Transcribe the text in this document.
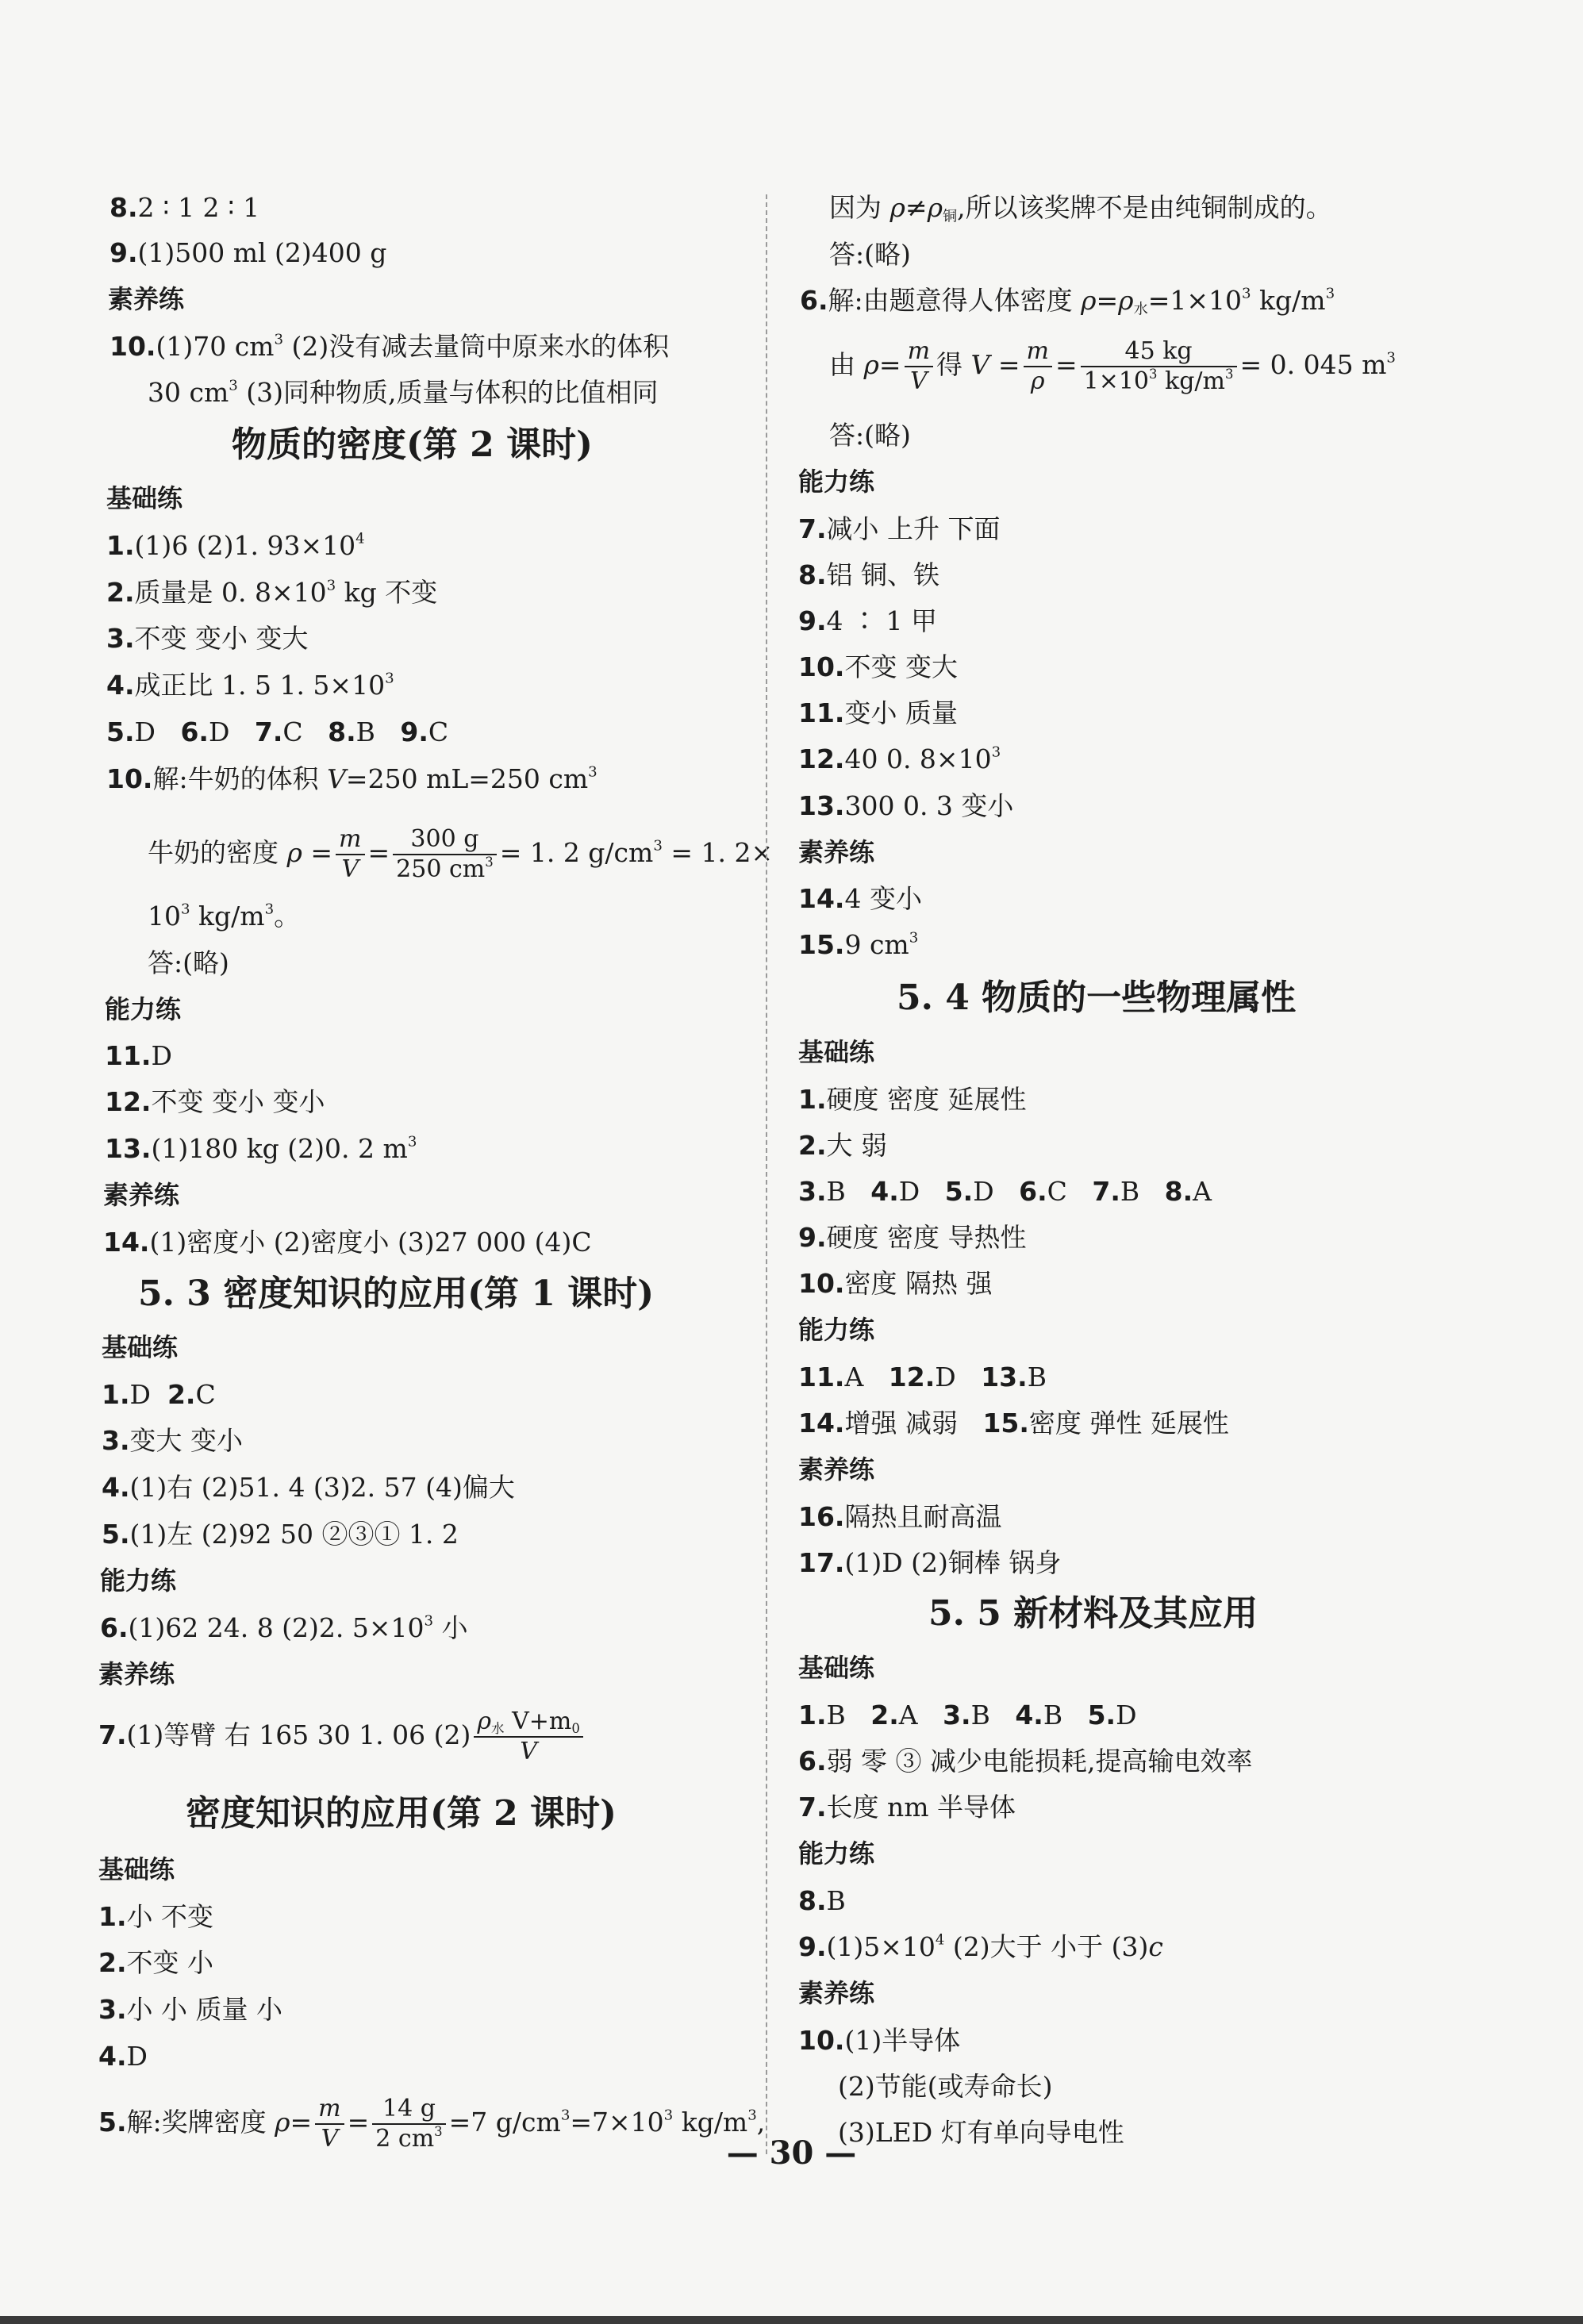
8.2 ∶ 1 2 ∶ 1
9.(1)500 ml (2)400 g
素养练
10.(1)70 $cm^3$ (2)没有减去量筒中原来水的体积
30 $cm^3$ (3)同种物质,质量与体积的比值相同
物质的密度(第 2 课时)
基础练
1.(1)6 (2)1. $93\times 10^4$
2.质量是 0. $8\times 10^3$ kg 不变
3.不变 变小 变大
4.成正比 1. 5 1. $5\times 10^3$
5.D 6.D 7.C 8.B 9.C
10.解:牛奶的体积 V=250 mL=250 $cm^3$
牛奶的密度 $\rho = \frac{m}{V} = \frac{300 g}{250 cm^3} = 1$. 2 $g/cm^3 = 1$. 2×
$10^3$ $kg/m^3$。
答:(略)
能力练
11.D
12.不变 变小 变小
13.(1)180 kg (2)0. 2 $m^3$
素养练
14.(1)密度小 (2)密度小 (3)27 000 (4)C
5. 3 密度知识的应用(第 1 课时)
基础练
1.D 2.C
3.变大 变小
4.(1)右 (2)51. 4 (3)2. 57 (4)偏大
5.(1)左 (2)92 50 ②③① 1. 2
能力练
6.(1)62 24. 8 (2)2. $5\times 10^3$ 小
素养练
7.(1)等臂 右 165 30 1. 06 $(2) \frac{\rho_水 V+m_0}{V}$
密度知识的应用(第 2 课时)
基础练
1.小 不变
2.不变 小
3.小 小 质量 小
4.D
5.解:奖牌密度 $\rho= \frac{m}{V} = \frac{14 g}{2 cm^3} =7$ $g/cm^3=7\times 10^3$ $kg/m^3$,
因为 $\rho\ne\rho_铜$,所以该奖牌不是由纯铜制成的。
答:(略)
6.解:由题意得人体密度 $\rho=\rho_水=1\times 10^3$ $kg/m^3$
由 $\rho= \frac{m}{V}$ 得 $V = \frac{m}{\rho} = \frac{45 kg}{1\times 10^3 kg/m^3} = 0$. 045 $m^3$
答:(略)
能力练
7.减小 上升 下面
8.铝 铜、铁
9.4 ∶ 1 甲
10.不变 变大
11.变小 质量
12.40 0. $8\times 10^3$
13.300 0. 3 变小
素养练
14.4 变小
15.9 $cm^3$
5. 4 物质的一些物理属性
基础练
1.硬度 密度 延展性
2.大 弱
3.B 4.D 5.D 6.C 7.B 8.A
9.硬度 密度 导热性
10.密度 隔热 强
能力练
11.A 12.D 13.B
14.增强 减弱 15.密度 弹性 延展性
素养练
16.隔热且耐高温
17.(1)D (2)铜棒 锅身
5. 5 新材料及其应用
基础练
1.B 2.A 3.B 4.B 5.D
6.弱 零 ③ 减少电能损耗,提高输电效率
7.长度 nm 半导体
能力练
8.B
$9.(1)5\times 10^4$ (2)大于 小于 (3)c
素养练
10.(1)半导体
(2)节能(或寿命长)
(3)LED 灯有单向导电性
— 30 —
